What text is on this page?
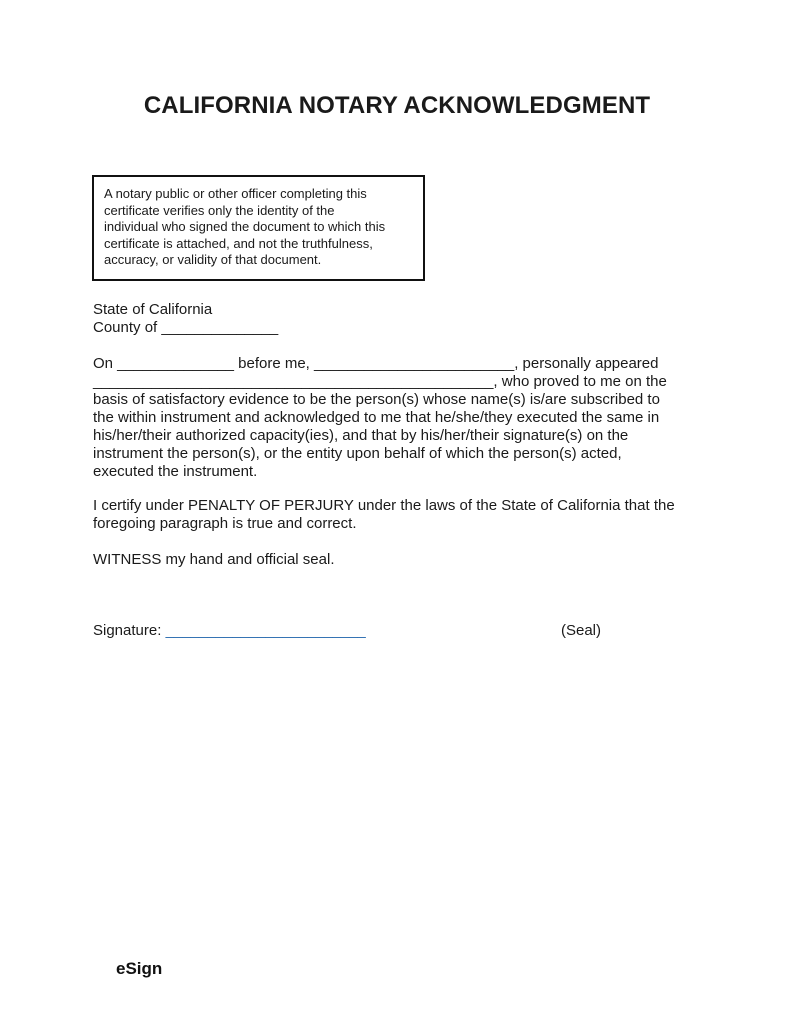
CALIFORNIA NOTARY ACKNOWLEDGMENT
A notary public or other officer completing this
certificate verifies only the identity of the
individual who signed the document to which this
certificate is attached, and not the truthfulness,
accuracy, or validity of that document.
State of California
County of ______________
On ______________ before me, ________________________, personally appeared
________________________________________________, who proved to me on the
basis of satisfactory evidence to be the person(s) whose name(s) is/are subscribed to
the within instrument and acknowledged to me that he/she/they executed the same in
his/her/their authorized capacity(ies), and that by his/her/their signature(s) on the
instrument the person(s), or the entity upon behalf of which the person(s) acted,
executed the instrument.
I certify under PENALTY OF PERJURY under the laws of the State of California that the
foregoing paragraph is true and correct.
WITNESS my hand and official seal.
Signature: ________________________	(Seal)
eSign
